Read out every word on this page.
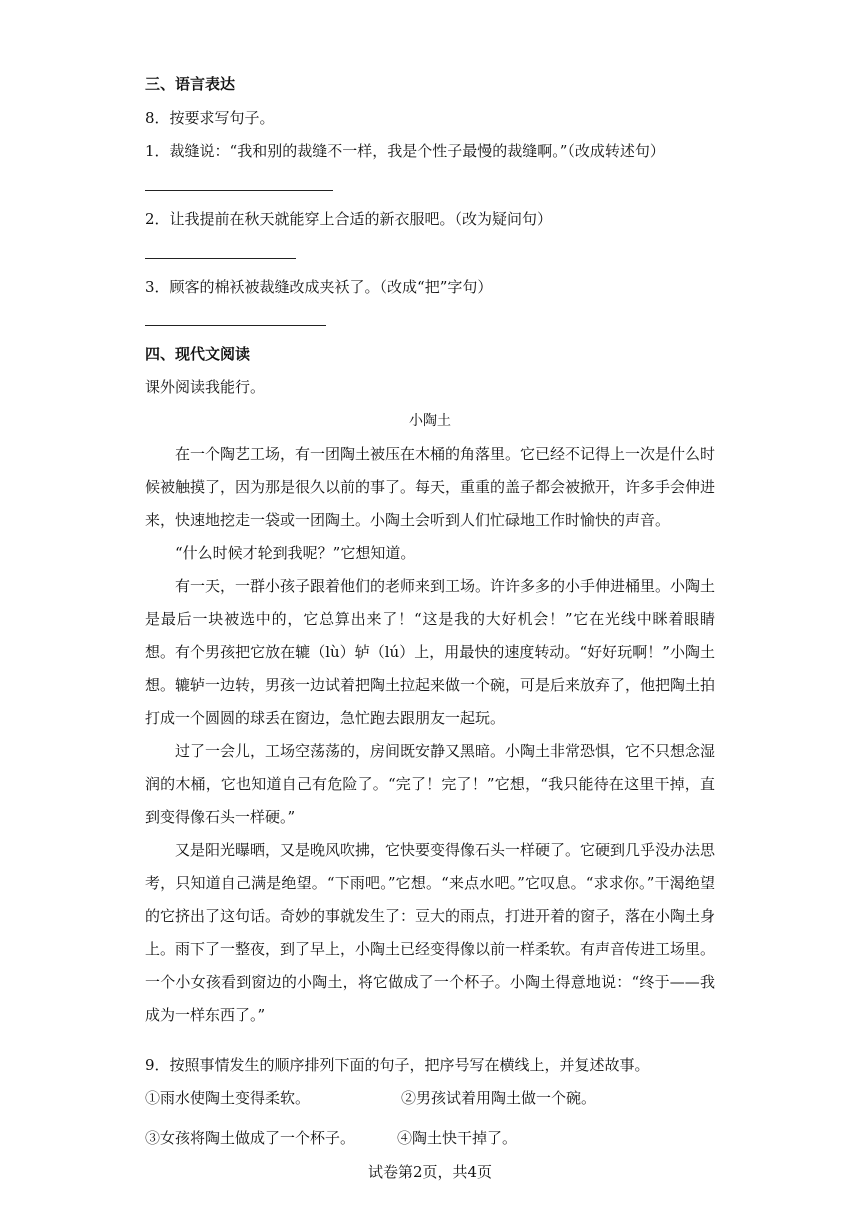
三、语言表达
8．按要求写句子。
1．裁缝说：“我和别的裁缝不一样，我是个性子最慢的裁缝啊。”（改成转述句）
2．让我提前在秋天就能穿上合适的新衣服吧。（改为疑问句）
3．顾客的棉袄被裁缝改成夹袄了。（改成“把”字句）
四、现代文阅读
课外阅读我能行。
小陶土
在一个陶艺工场，有一团陶土被压在木桶的角落里。它已经不记得上一次是什么时候被触摸了，因为那是很久以前的事了。每天，重重的盖子都会被掀开，许多手会伸进来，快速地挖走一袋或一团陶土。小陶土会听到人们忙碌地工作时愉快的声音。
“什么时候才轮到我呢？”它想知道。
有一天，一群小孩子跟着他们的老师来到工场。许许多多的小手伸进桶里。小陶土是最后一块被选中的，它总算出来了！“这是我的大好机会！”它在光线中眯着眼睛想。 有个男孩把它放在辘（lù）轳（lú）上，用最快的速度转动。“好好玩啊！”小陶土想。辘轳一边转，男孩一边试着把陶土拉起来做一个碗，可是后来放弃了，他把陶土拍打成一个圆圆的球丢在窗边，急忙跑去跟朋友一起玩。
过了一会儿，工场空荡荡的，房间既安静又黑暗。小陶土非常恐惧，它不只想念湿润的木桶，它也知道自己有危险了。“完了！完了！”它想，“我只能待在这里干掉，直到变得像石头一样硬。”
又是阳光曝晒，又是晚风吹拂，它快要变得像石头一样硬了。它硬到几乎没办法思考，只知道自己满是绝望。“下雨吧。”它想。“来点水吧。”它叹息。“求求你。”干渴绝望的它挤出了这句话。奇妙的事就发生了：豆大的雨点，打进开着的窗子，落在小陶土身上。雨下了一整夜，到了早上，小陶土已经变得像以前一样柔软。有声音传进工场里。一个小女孩看到窗边的小陶土，将它做成了一个杯子。小陶土得意地说：“终于——我成为一样东西了。”
9．按照事情发生的顺序排列下面的句子，把序号写在横线上，并复述故事。
①雨水使陶土变得柔软。	②男孩试着用陶土做一个碗。
③女孩将陶土做成了一个杯子。	④陶土快干掉了。
试卷第2页，共4页
